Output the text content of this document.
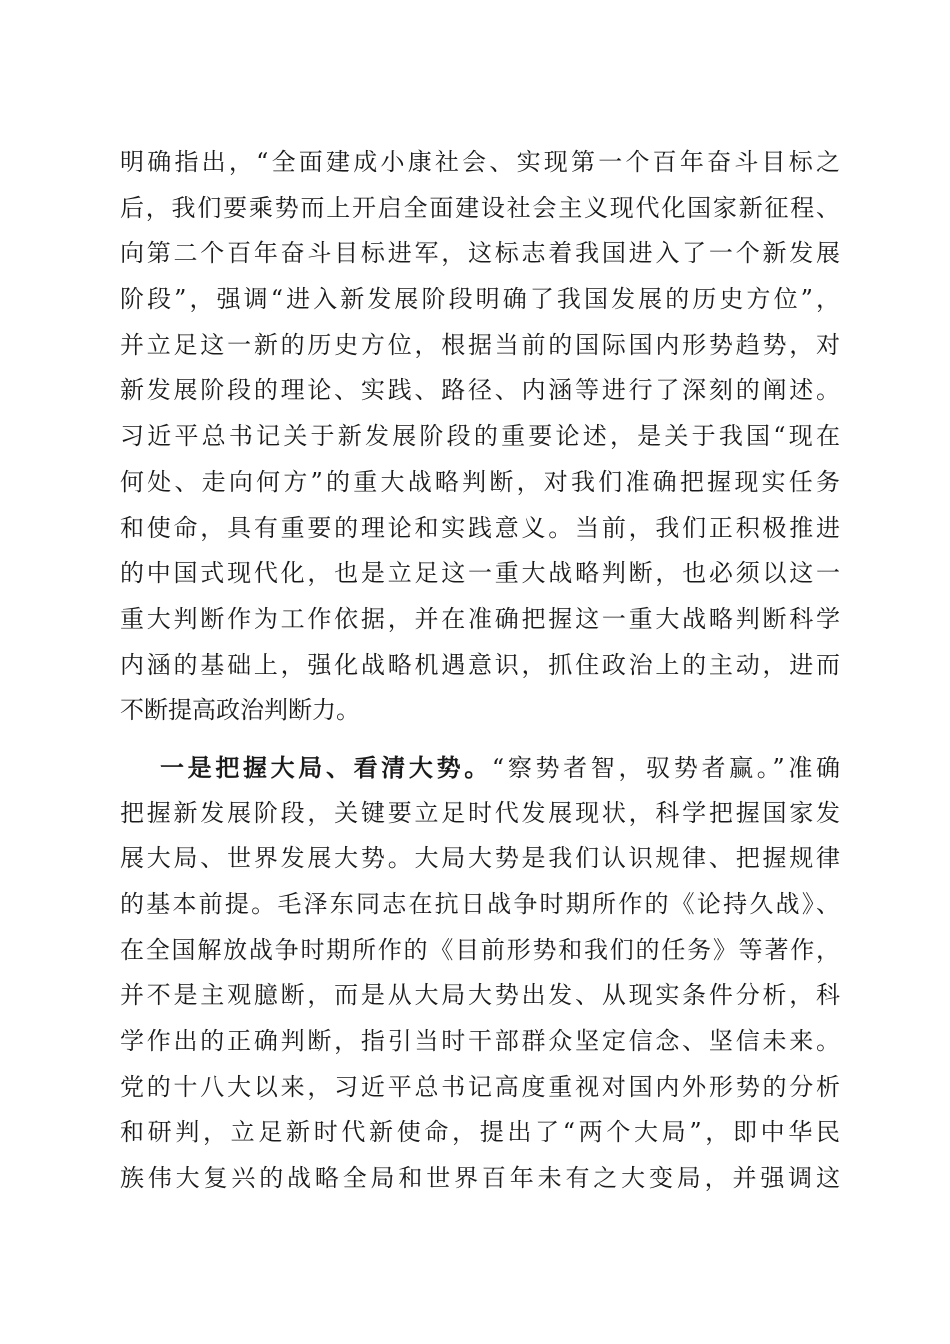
明确指出，“全面建成小康社会、实现第一个百年奋斗目标之
后，我们要乘势而上开启全面建设社会主义现代化国家新征程、
向第二个百年奋斗目标进军，这标志着我国进入了一个新发展
阶段”，强调“进入新发展阶段明确了我国发展的历史方位”，
并立足这一新的历史方位，根据当前的国际国内形势趋势，对
新发展阶段的理论、实践、路径、内涵等进行了深刻的阐述。
习近平总书记关于新发展阶段的重要论述，是关于我国“现在
何处、走向何方”的重大战略判断，对我们准确把握现实任务
和使命，具有重要的理论和实践意义。当前，我们正积极推进
的中国式现代化，也是立足这一重大战略判断，也必须以这一
重大判断作为工作依据，并在准确把握这一重大战略判断科学
内涵的基础上，强化战略机遇意识，抓住政治上的主动，进而
不断提高政治判断力。
一是把握大局、看清大势。“察势者智，驭势者赢。”准确
把握新发展阶段，关键要立足时代发展现状，科学把握国家发
展大局、世界发展大势。大局大势是我们认识规律、把握规律
的基本前提。毛泽东同志在抗日战争时期所作的《论持久战》、
在全国解放战争时期所作的《目前形势和我们的任务》等著作，
并不是主观臆断，而是从大局大势出发、从现实条件分析，科
学作出的正确判断，指引当时干部群众坚定信念、坚信未来。
党的十八大以来，习近平总书记高度重视对国内外形势的分析
和研判，立足新时代新使命，提出了“两个大局”，即中华民
族伟大复兴的战略全局和世界百年未有之大变局，并强调这
